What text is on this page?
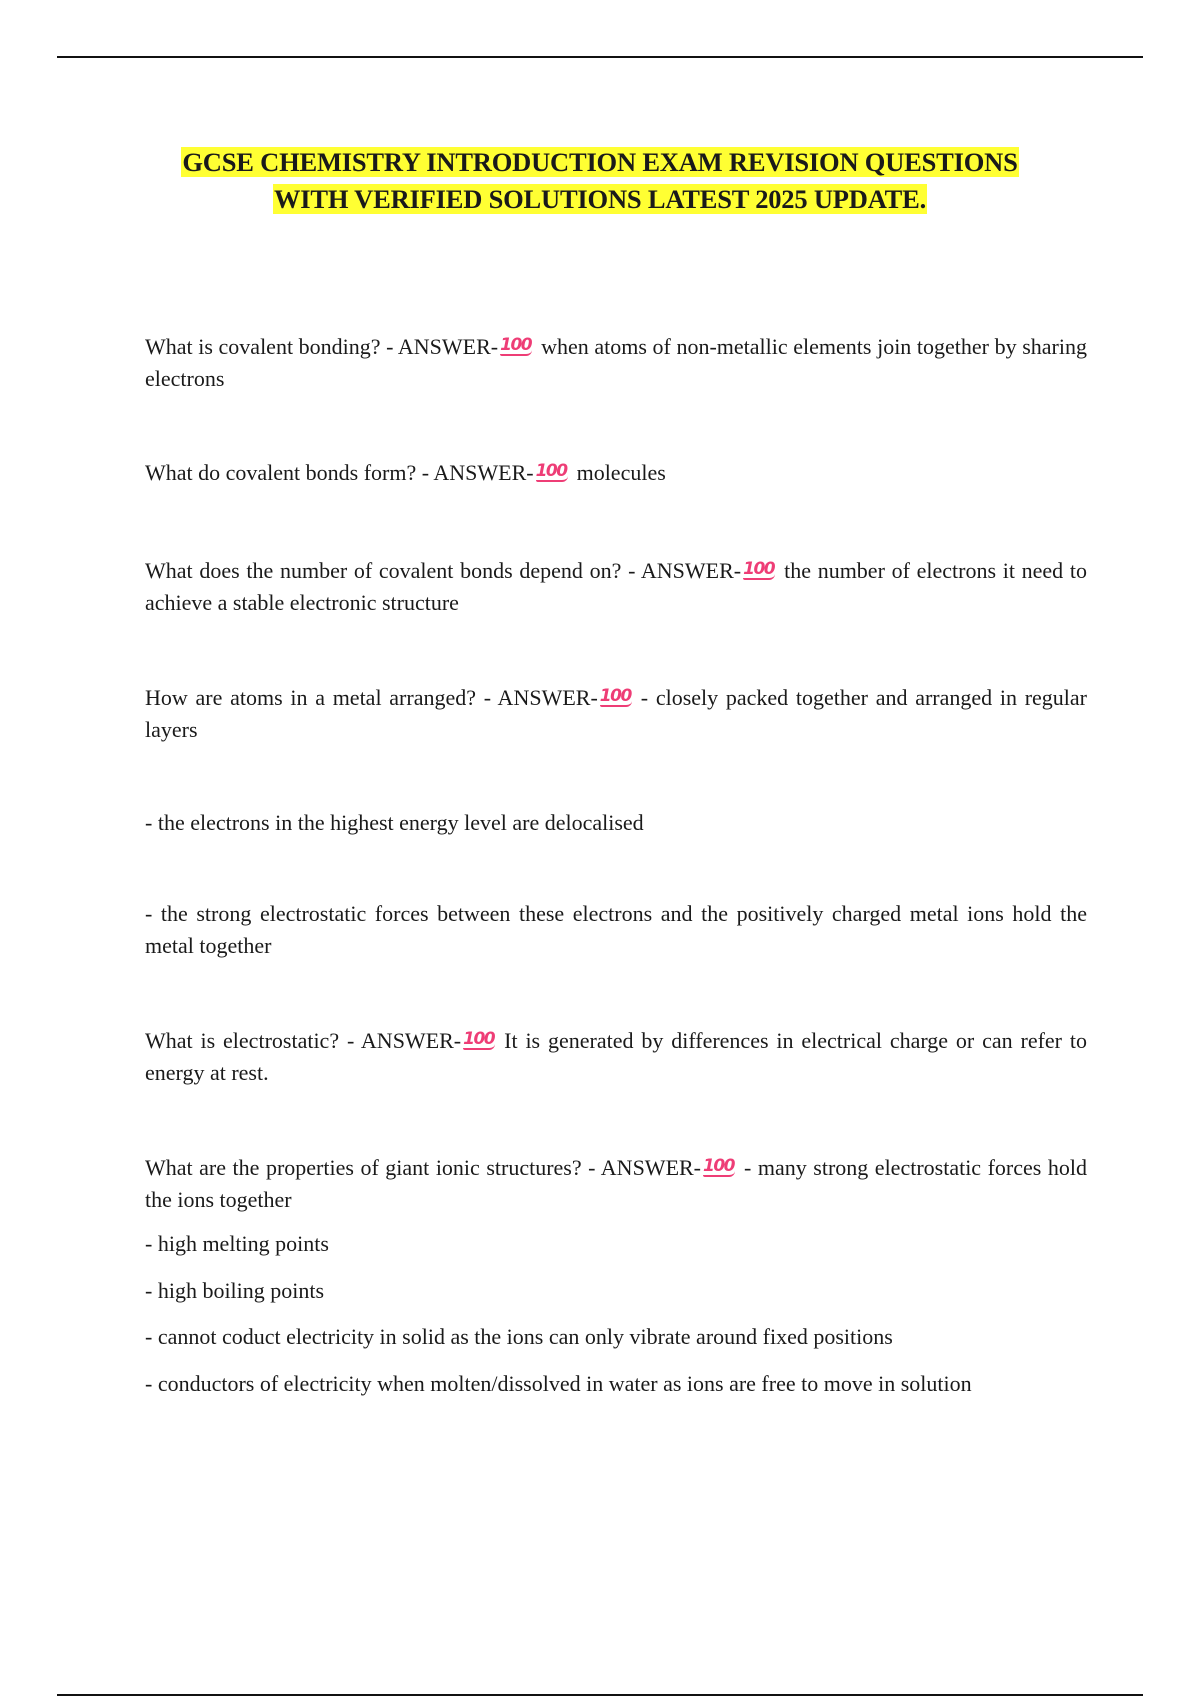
GCSE CHEMISTRY INTRODUCTION EXAM REVISION QUESTIONS
WITH VERIFIED SOLUTIONS LATEST 2025 UPDATE.
What is covalent bonding? - ANSWER- 100 when atoms of non-metallic elements join together by sharing electrons
What do covalent bonds form? - ANSWER- 100 molecules
What does the number of covalent bonds depend on? - ANSWER- 100 the number of electrons it need to achieve a stable electronic structure
How are atoms in a metal arranged? - ANSWER- 100 - closely packed together and arranged in regular layers
- the electrons in the highest energy level are delocalised
- the strong electrostatic forces between these electrons and the positively charged metal ions hold the metal together
What is electrostatic? - ANSWER- 100 It is generated by differences in electrical charge or can refer to energy at rest.
What are the properties of giant ionic structures? - ANSWER- 100 - many strong electrostatic forces hold the ions together
- high melting points
- high boiling points
- cannot coduct electricity in solid as the ions can only vibrate around fixed positions
- conductors of electricity when molten/dissolved in water as ions are free to move in solution
